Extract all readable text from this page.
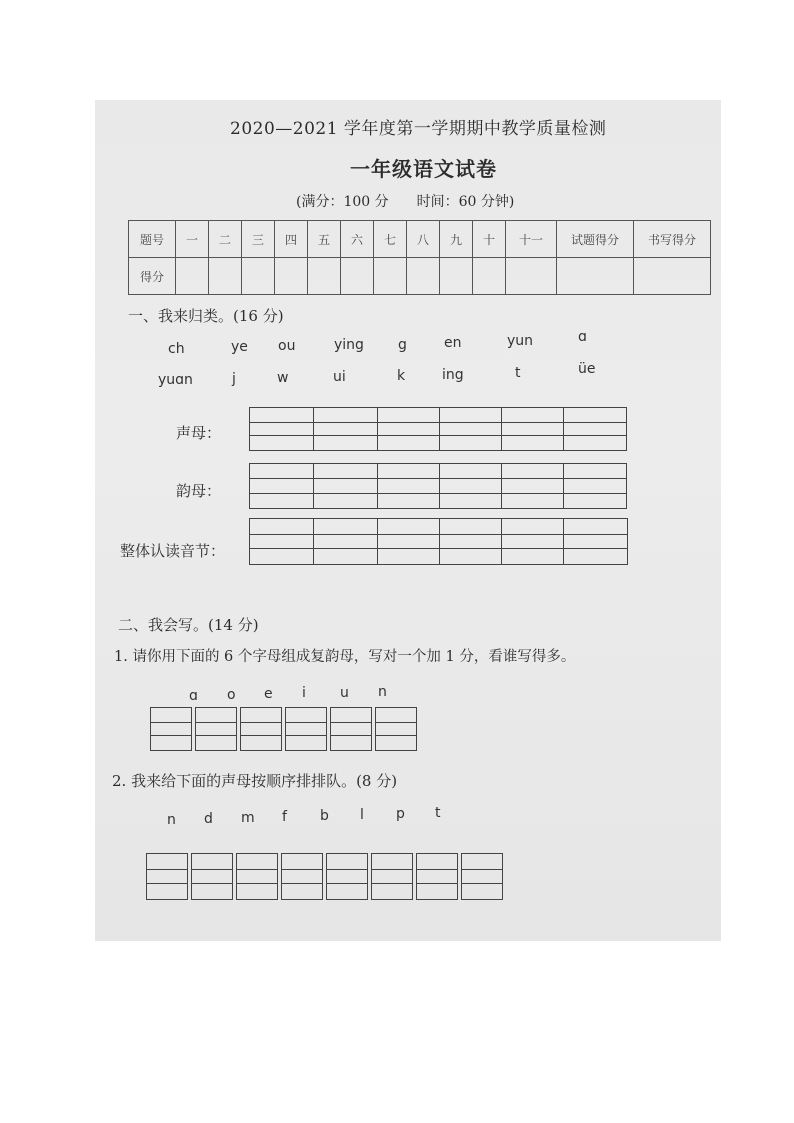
2020—2021 学年度第一学期期中教学质量检测
一年级语文试卷
(满分：100 分　　时间：60 分钟)
题号	一	二	三	四	五	六	七	八	九	十	十一	试题得分	书写得分
得分													
一、我来归类。(16 分)
ch	ye ou	ying g	en	yun	ɑ
yuɑn	j	w	ui	k	ing	t	üe
声母：
韵母：
整体认读音节：
二、我会写。(14 分)
1. 请你用下面的 6 个字母组成复韵母，写对一个加 1 分，看谁写得多。
ɑ o e i u n
2. 我来给下面的声母按顺序排排队。(8 分)
n d m f b l p t
